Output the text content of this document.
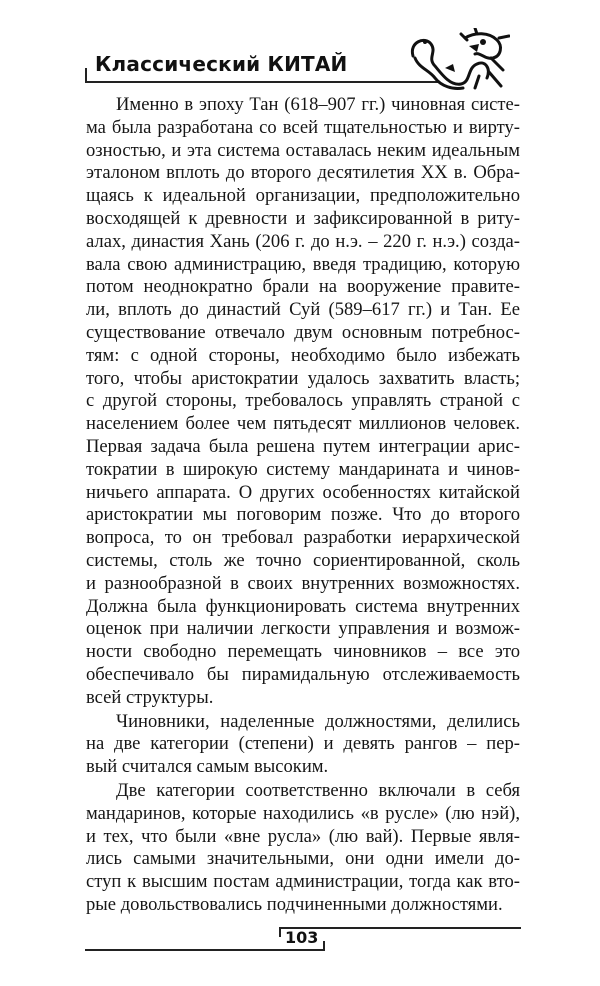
Классический КИТАЙ
Именно в эпоху Тан (618–907 гг.) чиновная систе-
ма была разработана со всей тщательностью и вирту-
озностью, и эта система оставалась неким идеальным
эталоном вплоть до второго десятилетия XX в. Обра-
щаясь к идеальной организации, предположительно
восходящей к древности и зафиксированной в риту-
алах, династия Хань (206 г. до н.э. – 220 г. н.э.) созда-
вала свою администрацию, введя традицию, которую
потом неоднократно брали на вооружение правите-
ли, вплоть до династий Суй (589–617 гг.) и Тан. Ее
существование отвечало двум основным потребнос-
тям: с одной стороны, необходимо было избежать
того, чтобы аристократии удалось захватить власть;
с другой стороны, требовалось управлять страной с
населением более чем пятьдесят миллионов человек.
Первая задача была решена путем интеграции арис-
тократии в широкую систему мандарината и чинов-
ничьего аппарата. О других особенностях китайской
аристократии мы поговорим позже. Что до второго
вопроса, то он требовал разработки иерархической
системы, столь же точно сориентированной, сколь
и разнообразной в своих внутренних возможностях.
Должна была функционировать система внутренних
оценок при наличии легкости управления и возмож-
ности свободно перемещать чиновников – все это
обеспечивало бы пирамидальную отслеживаемость
всей структуры.
Чиновники, наделенные должностями, делились
на две категории (степени) и девять рангов – пер-
вый считался самым высоким.
Две категории соответственно включали в себя
мандаринов, которые находились «в русле» (лю нэй),
и тех, что были «вне русла» (лю вай). Первые явля-
лись самыми значительными, они одни имели до-
ступ к высшим постам администрации, тогда как вто-
рые довольствовались подчиненными должностями.
103
